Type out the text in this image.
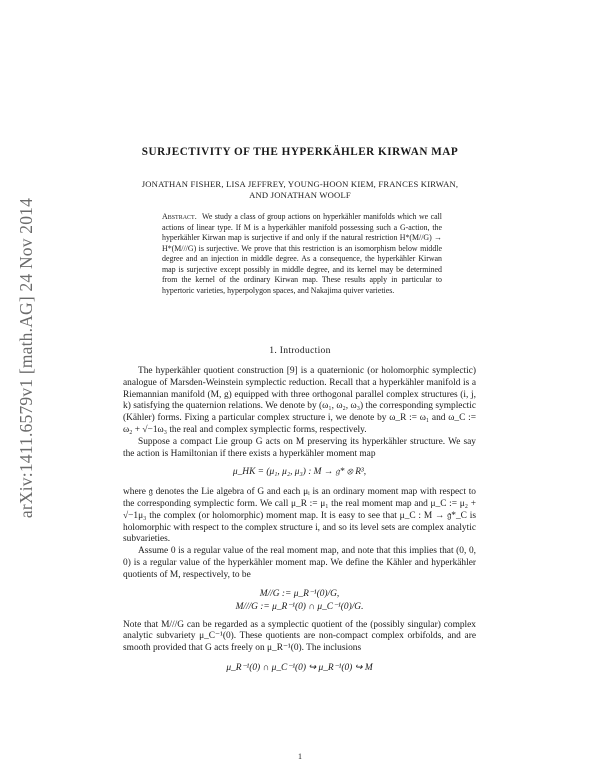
arXiv:1411.6579v1 [math.AG] 24 Nov 2014
SURJECTIVITY OF THE HYPERKÄHLER KIRWAN MAP
JONATHAN FISHER, LISA JEFFREY, YOUNG-HOON KIEM, FRANCES KIRWAN,
AND JONATHAN WOOLF
Abstract. We study a class of group actions on hyperkähler manifolds which we call actions of linear type. If M is a hyperkähler manifold possessing such a G-action, the hyperkähler Kirwan map is surjective if and only if the natural restriction H*(M//G) → H*(M///G) is surjective. We prove that this restriction is an isomorphism below middle degree and an injection in middle degree. As a consequence, the hyperkähler Kirwan map is surjective except possibly in middle degree, and its kernel may be determined from the kernel of the ordinary Kirwan map. These results apply in particular to hypertoric varieties, hyperpolygon spaces, and Nakajima quiver varieties.
1. Introduction

The hyperkähler quotient construction [9] is a quaternionic (or holomorphic symplectic) analogue of Marsden-Weinstein symplectic reduction. Recall that a hyperkähler manifold is a Riemannian manifold (M, g) equipped with three orthogonal parallel complex structures (i, j, k) satisfying the quaternion relations. We denote by (ω₁, ω₂, ω₃) the corresponding symplectic (Kähler) forms. Fixing a particular complex structure i, we denote by ω_R := ω₁ and ω_C := ω₂ + √−1ω₃ the real and complex symplectic forms, respectively.

Suppose a compact Lie group G acts on M preserving its hyperkähler structure. We say the action is Hamiltonian if there exists a hyperkähler moment map

μ_HK = (μ₁, μ₂, μ₃) : M → 𝔤* ⊗ R³,

where 𝔤 denotes the Lie algebra of G and each μᵢ is an ordinary moment map with respect to the corresponding symplectic form. We call μ_R := μ₁ the real moment map and μ_C := μ₂ + √−1μ₃ the complex (or holomorphic) moment map. It is easy to see that μ_C : M → 𝔤*_C is holomorphic with respect to the complex structure i, and so its level sets are complex analytic subvarieties.

Assume 0 is a regular value of the real moment map, and note that this implies that (0, 0, 0) is a regular value of the hyperkähler moment map. We define the Kähler and hyperkähler quotients of M, respectively, to be

M//G := μ_R⁻¹(0)/G,
M///G := μ_R⁻¹(0) ∩ μ_C⁻¹(0)/G.

Note that M///G can be regarded as a symplectic quotient of the (possibly singular) complex analytic subvariety μ_C⁻¹(0). These quotients are non-compact complex orbifolds, and are smooth provided that G acts freely on μ_R⁻¹(0). The inclusions

μ_R⁻¹(0) ∩ μ_C⁻¹(0) ↪ μ_R⁻¹(0) ↪ M
1
